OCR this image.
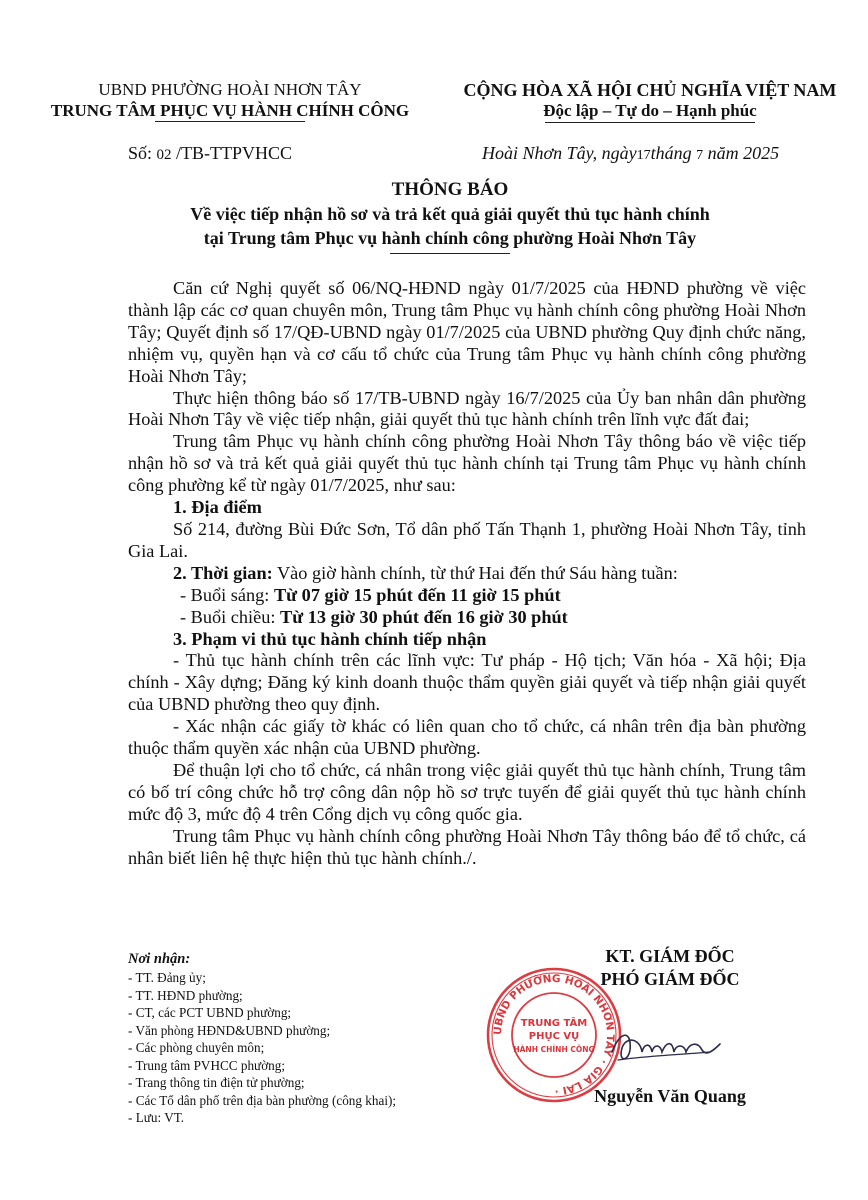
UBND PHƯỜNG HOÀI NHƠN TÂY
TRUNG TÂM PHỤC VỤ HÀNH CHÍNH CÔNG
CỘNG HÒA XÃ HỘI CHỦ NGHĨA VIỆT NAM
Độc lập – Tự do – Hạnh phúc
Số: 02 /TB-TTPVHCC	Hoài Nhơn Tây, ngày17tháng 7 năm 2025
THÔNG BÁO
Về việc tiếp nhận hồ sơ và trả kết quả giải quyết thủ tục hành chính
tại Trung tâm Phục vụ hành chính công phường Hoài Nhơn Tây

Căn cứ Nghị quyết số 06/NQ-HĐND ngày 01/7/2025 của HĐND phường về việc thành lập các cơ quan chuyên môn, Trung tâm Phục vụ hành chính công phường Hoài Nhơn Tây; Quyết định số 17/QĐ-UBND ngày 01/7/2025 của UBND phường Quy định chức năng, nhiệm vụ, quyền hạn và cơ cấu tổ chức của Trung tâm Phục vụ hành chính công phường Hoài Nhơn Tây;

Thực hiện thông báo số 17/TB-UBND ngày 16/7/2025 của Ủy ban nhân dân phường Hoài Nhơn Tây về việc tiếp nhận, giải quyết thủ tục hành chính trên lĩnh vực đất đai;

Trung tâm Phục vụ hành chính công phường Hoài Nhơn Tây thông báo về việc tiếp nhận hồ sơ và trả kết quả giải quyết thủ tục hành chính tại Trung tâm Phục vụ hành chính công phường kể từ ngày 01/7/2025, như sau:

1. Địa điểm

Số 214, đường Bùi Đức Sơn, Tổ dân phố Tấn Thạnh 1, phường Hoài Nhơn Tây, tỉnh Gia Lai.

2. Thời gian: Vào giờ hành chính, từ thứ Hai đến thứ Sáu hàng tuần:

- Buổi sáng: Từ 07 giờ 15 phút đến 11 giờ 15 phút

- Buổi chiều: Từ 13 giờ 30 phút đến 16 giờ 30 phút

3. Phạm vi thủ tục hành chính tiếp nhận

- Thủ tục hành chính trên các lĩnh vực: Tư pháp - Hộ tịch; Văn hóa - Xã hội; Địa chính - Xây dựng; Đăng ký kinh doanh thuộc thẩm quyền giải quyết và tiếp nhận giải quyết của UBND phường theo quy định.

- Xác nhận các giấy tờ khác có liên quan cho tổ chức, cá nhân trên địa bàn phường thuộc thẩm quyền xác nhận của UBND phường.

Để thuận lợi cho tổ chức, cá nhân trong việc giải quyết thủ tục hành chính, Trung tâm có bố trí công chức hỗ trợ công dân nộp hồ sơ trực tuyến để giải quyết thủ tục hành chính mức độ 3, mức độ 4 trên Cổng dịch vụ công quốc gia.

Trung tâm Phục vụ hành chính công phường Hoài Nhơn Tây thông báo để tổ chức, cá nhân biết liên hệ thực hiện thủ tục hành chính./.

Nơi nhận:
- TT. Đảng ủy;
- TT. HĐND phường;
- CT, các PCT UBND phường;
- Văn phòng HĐND&UBND phường;
- Các phòng chuyên môn;
- Trung tâm PVHCC phường;
- Trang thông tin điện tử phường;
- Các Tổ dân phố trên địa bàn phường (công khai);
- Lưu: VT.
KT. GIÁM ĐỐC
PHÓ GIÁM ĐỐC
Nguyễn Văn Quang
UBND PHƯỜNG HOÀI NHƠN TÂY · GIA LAI ·
TRUNG TÂM
PHỤC VỤ
HÀNH CHÍNH CÔNG
